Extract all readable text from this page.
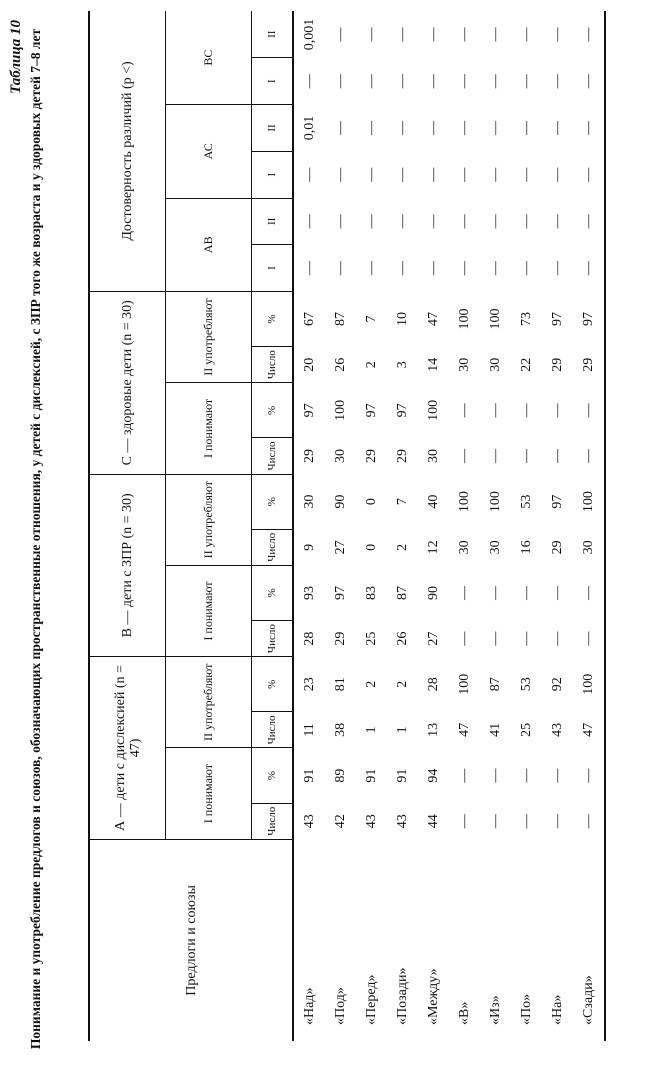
Таблица 10 Понимание и употребление предлогов и союзов, обозначающих пространственные отношения, у детей с дислексией, с ЗПР того же возраста и у здоровых детей 7–8 лет	Предлоги и союзы	А — дети с дислексией (n = 47)				В — дети с ЗПР (n = 30)				С — здоровые дети (n = 30)				Достоверность различий (p <)					
	I понимают		II употребляют		I понимают		II употребляют		I понимают		II употребляют		АВ		АС		ВС	
	Число	%	Число	%	Число	%	Число	%	Число	%	Число	%	I	II	I	II	I	II
«Над»	43	91	11	23	28	93	9	30	29	97	20	67	—	—	—	0,01	—	0,001
«Под»	42	89	38	81	29	97	27	90	30	100	26	87	—	—	—	—	—	—
«Перед»	43	91	1	2	25	83	0	0	29	97	2	7	—	—	—	—	—	—
«Позади»	43	91	1	2	26	87	2	7	29	97	3	10	—	—	—	—	—	—
«Между»	44	94	13	28	27	90	12	40	30	100	14	47	—	—	—	—	—	—
«В»	—	—	47	100	—	—	30	100	—	—	30	100	—	—	—	—	—	—
«Из»	—	—	41	87	—	—	30	100	—	—	30	100	—	—	—	—	—	—
«По»	—	—	25	53	—	—	16	53	—	—	22	73	—	—	—	—	—	—
«На»	—	—	43	92	—	—	29	97	—	—	29	97	—	—	—	—	—	—
«Сзади»	—	—	47	100	—	—	30	100	—	—	29	97	—	—	—	—	—	—
